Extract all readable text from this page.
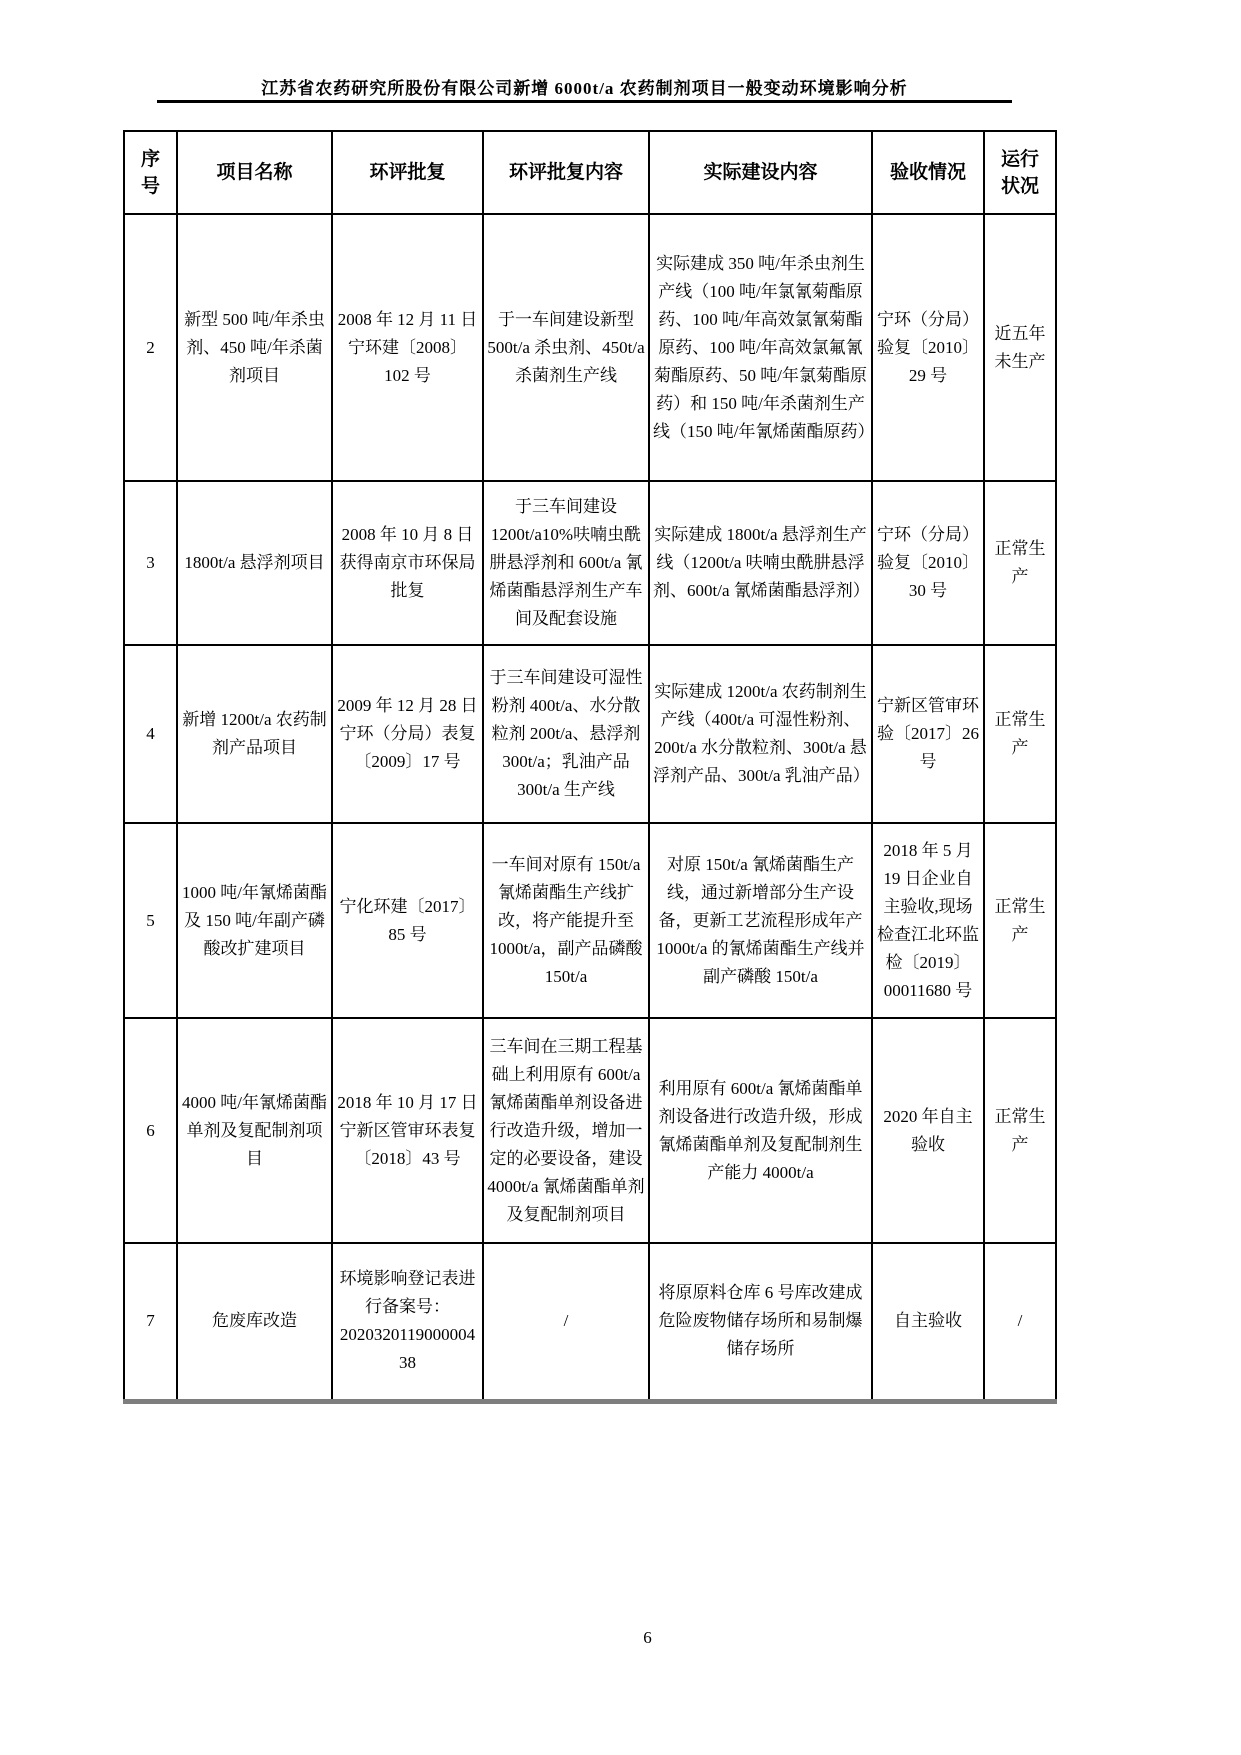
江苏省农药研究所股份有限公司新增 6000t/a 农药制剂项目一般变动环境影响分析
序号	项目名称	环评批复	环评批复内容	实际建设内容	验收情况	运行状况
2	新型 500 吨/年杀虫剂、450 吨/年杀菌剂项目	2008 年 12 月 11 日宁环建〔2008〕102 号	于一车间建设新型 500t/a 杀虫剂、450t/a 杀菌剂生产线	实际建成 350 吨/年杀虫剂生产线（100 吨/年氯氰菊酯原药、100 吨/年高效氯氰菊酯原药、100 吨/年高效氯氟氰菊酯原药、50 吨/年氯菊酯原药）和 150 吨/年杀菌剂生产线（150 吨/年氰烯菌酯原药）	宁环（分局）验复〔2010〕29 号	近五年未生产
3	1800t/a 悬浮剂项目	2008 年 10 月 8 日获得南京市环保局批复	于三车间建设 1200t/a10%呋喃虫酰肼悬浮剂和 600t/a 氰烯菌酯悬浮剂生产车间及配套设施	实际建成 1800t/a 悬浮剂生产线（1200t/a 呋喃虫酰肼悬浮剂、600t/a 氰烯菌酯悬浮剂）	宁环（分局）验复〔2010〕30 号	正常生产
4	新增 1200t/a 农药制剂产品项目	2009 年 12 月 28 日宁环（分局）表复〔2009〕17 号	于三车间建设可湿性粉剂 400t/a、水分散粒剂 200t/a、悬浮剂 300t/a；乳油产品 300t/a 生产线	实际建成 1200t/a 农药制剂生产线（400t/a 可湿性粉剂、200t/a 水分散粒剂、300t/a 悬浮剂产品、300t/a 乳油产品）	宁新区管审环验〔2017〕26 号	正常生产
5	1000 吨/年氰烯菌酯及 150 吨/年副产磷酸改扩建项目	宁化环建〔2017〕85 号	一车间对原有 150t/a 氰烯菌酯生产线扩改，将产能提升至 1000t/a，副产品磷酸 150t/a	对原 150t/a 氰烯菌酯生产线，通过新增部分生产设备，更新工艺流程形成年产 1000t/a 的氰烯菌酯生产线并副产磷酸 150t/a	2018 年 5 月 19 日企业自主验收,现场检查江北环监检〔2019〕00011680 号	正常生产
6	4000 吨/年氰烯菌酯单剂及复配制剂项目	2018 年 10 月 17 日宁新区管审环表复〔2018〕43 号	三车间在三期工程基础上利用原有 600t/a 氰烯菌酯单剂设备进行改造升级，增加一定的必要设备，建设 4000t/a 氰烯菌酯单剂及复配制剂项目	利用原有 600t/a 氰烯菌酯单剂设备进行改造升级，形成氰烯菌酯单剂及复配制剂生产能力 4000t/a	2020 年自主验收	正常生产
7	危废库改造	环境影响登记表进行备案号：202032011900000438	/	将原原料仓库 6 号库改建成危险废物储存场所和易制爆储存场所	自主验收	/
6
